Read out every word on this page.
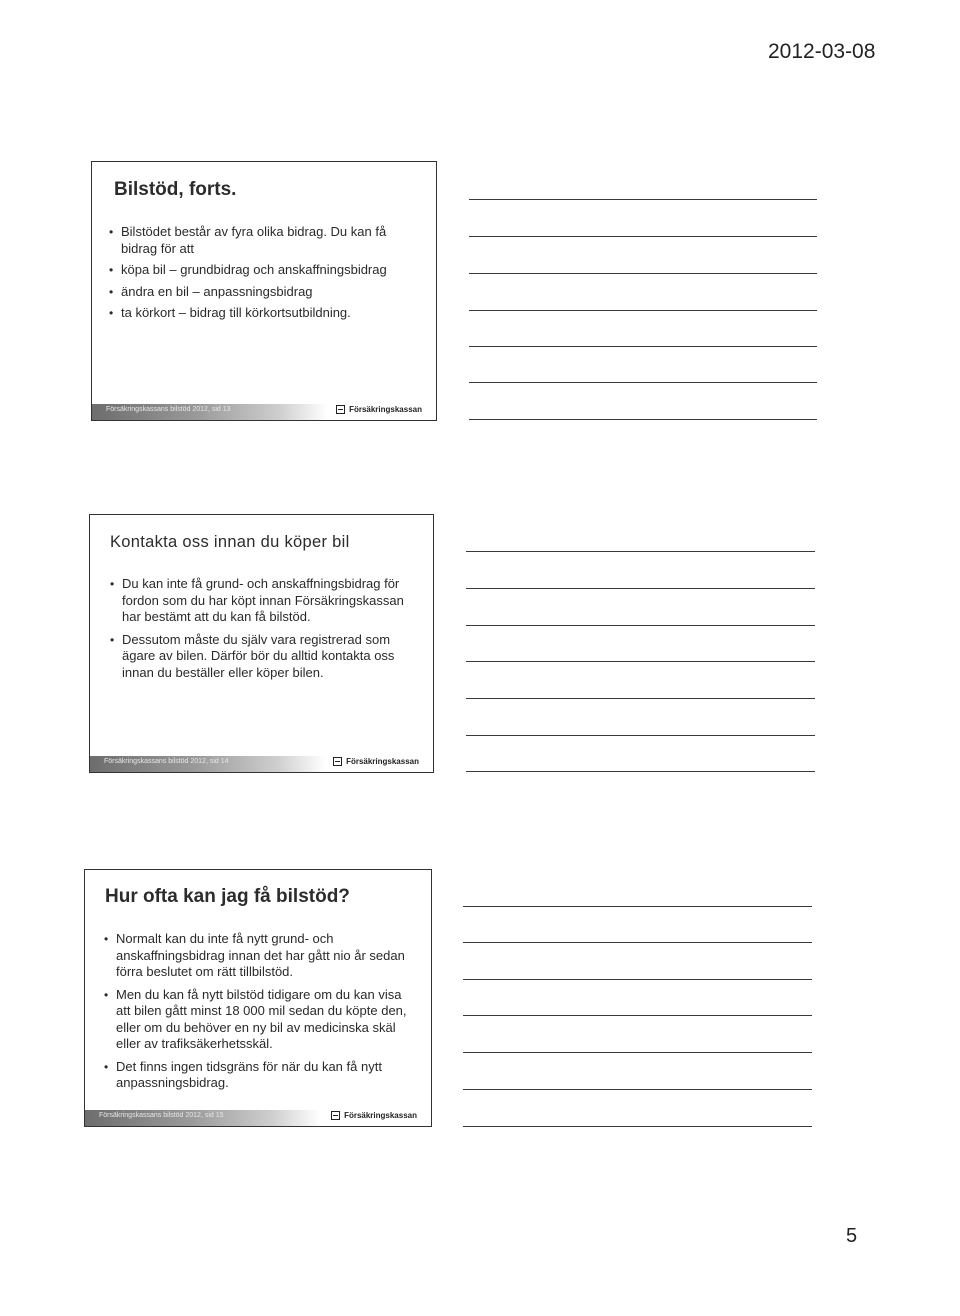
2012-03-08
Bilstöd, forts.
• Bilstödet består av fyra olika bidrag. Du kan få bidrag för att
• köpa bil – grundbidrag och anskaffningsbidrag
• ändra en bil – anpassningsbidrag
• ta körkort – bidrag till körkortsutbildning.
Försäkringskassans bilstöd 2012, sid 13	Försäkringskassan
Kontakta oss innan du köper bil
• Du kan inte få grund- och anskaffningsbidrag för fordon som du har köpt innan Försäkringskassan har bestämt att du kan få bilstöd.
• Dessutom måste du själv vara registrerad som ägare av bilen. Därför bör du alltid kontakta oss innan du beställer eller köper bilen.
Försäkringskassans bilstöd 2012, sid 14	Försäkringskassan
Hur ofta kan jag få bilstöd?
• Normalt kan du inte få nytt grund- och anskaffningsbidrag innan det har gått nio år sedan förra beslutet om rätt tillbilstöd.
• Men du kan få nytt bilstöd tidigare om du kan visa att bilen gått minst 18 000 mil sedan du köpte den, eller om du behöver en ny bil av medicinska skäl eller av trafiksäkerhetsskäl.
• Det finns ingen tidsgräns för när du kan få nytt anpassningsbidrag.
Försäkringskassans bilstöd 2012, sid 15	Försäkringskassan
5
